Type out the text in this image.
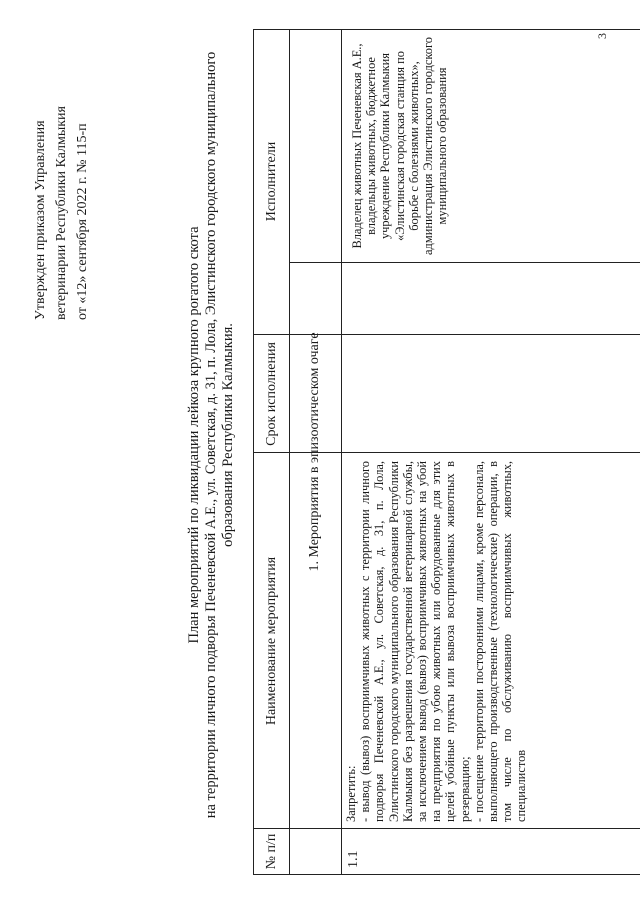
Утвержден приказом Управления ветеринарии Республики Калмыкия от «12» сентября 2022 г. № 115-п
План мероприятий по ликвидации лейкоза крупного рогатого скота на территории личного подворья Печеневской А.Е., ул. Советская, д. 31, п. Лола, Элистинского городского муниципального образования Республики Калмыкия.
3
№ п/п
Наименование мероприятия
Срок исполнения
Исполнители
1. Мероприятия в эпизоотическом очаге
1.1
Запретить: - вывод (вывоз) восприимчивых животных с территории личного подворья Печеневской А.Е., ул. Советская, д. 31, п. Лола, Элистинского городского муниципального образования Республики Калмыкия без разрешения государственной ветеринарной службы, за исключением вывод (вывоз) восприимчивых животных на убой на предприятия по убою животных или оборудованные для этих целей убойные пункты или вывоза восприимчивых животных в резервацию; - посещение территории посторонними лицами, кроме персонала, выполняющего производственные (технологические) операции, в том числе по обслуживанию восприимчивых животных, специалистов
Владелец животных Печеневская А.Е., владельцы животных, бюджетное учреждение Республики Калмыкия «Элистинская городская станция по борьбе с болезнями животных», администрация Элистинского городского муниципального образования
